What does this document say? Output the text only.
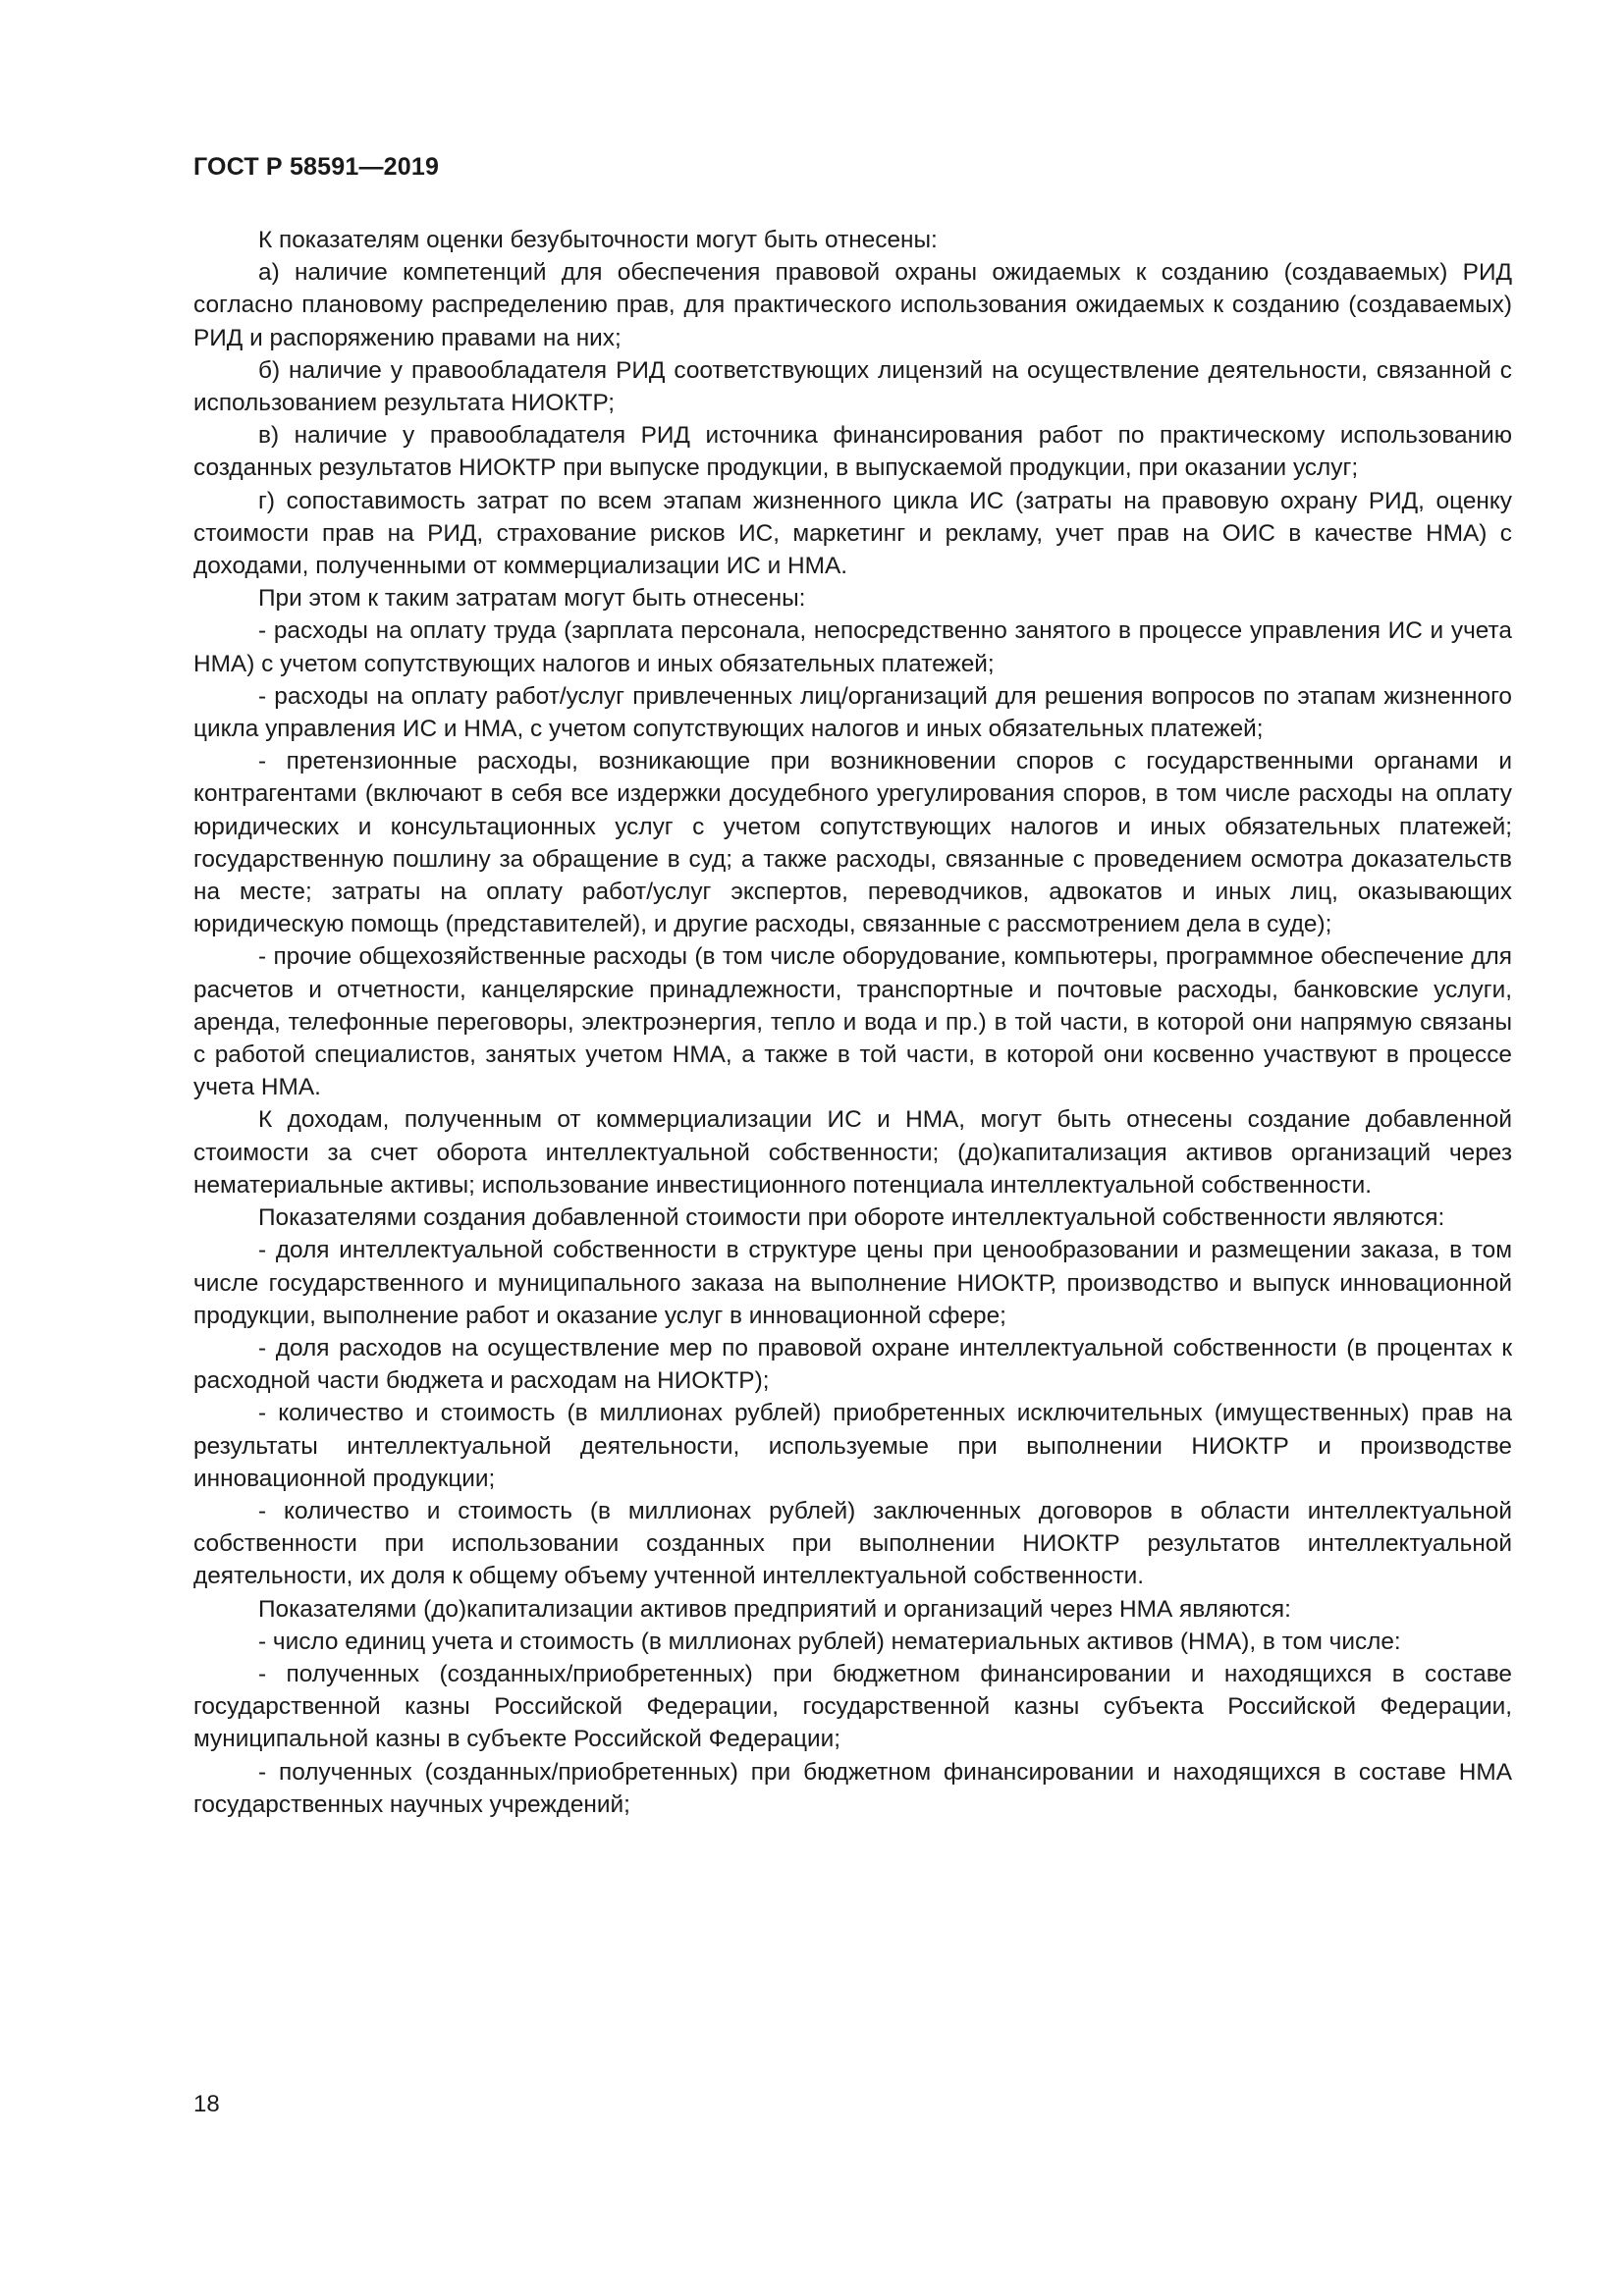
ГОСТ Р 58591—2019

К показателям оценки безубыточности могут быть отнесены:

а) наличие компетенций для обеспечения правовой охраны ожидаемых к созданию (создаваемых) РИД согласно плановому распределению прав, для практического использования ожидаемых к созданию (создаваемых) РИД и распоряжению правами на них;

б) наличие у правообладателя РИД соответствующих лицензий на осуществление деятельности, связанной с использованием результата НИОКТР;

в) наличие у правообладателя РИД источника финансирования работ по практическому использованию созданных результатов НИОКТР при выпуске продукции, в выпускаемой продукции, при оказании услуг;

г) сопоставимость затрат по всем этапам жизненного цикла ИС (затраты на правовую охрану РИД, оценку стоимости прав на РИД, страхование рисков ИС, маркетинг и рекламу, учет прав на ОИС в качестве НМА) с доходами, полученными от коммерциализации ИС и НМА.

При этом к таким затратам могут быть отнесены:

- расходы на оплату труда (зарплата персонала, непосредственно занятого в процессе управления ИС и учета НМА) с учетом сопутствующих налогов и иных обязательных платежей;

- расходы на оплату работ/услуг привлеченных лиц/организаций для решения вопросов по этапам жизненного цикла управления ИС и НМА, с учетом сопутствующих налогов и иных обязательных платежей;

- претензионные расходы, возникающие при возникновении споров с государственными органами и контрагентами (включают в себя все издержки досудебного урегулирования споров, в том числе расходы на оплату юридических и консультационных услуг с учетом сопутствующих налогов и иных обязательных платежей; государственную пошлину за обращение в суд; а также расходы, связанные с проведением осмотра доказательств на месте; затраты на оплату работ/услуг экспертов, переводчиков, адвокатов и иных лиц, оказывающих юридическую помощь (представителей), и другие расходы, связанные с рассмотрением дела в суде);

- прочие общехозяйственные расходы (в том числе оборудование, компьютеры, программное обеспечение для расчетов и отчетности, канцелярские принадлежности, транспортные и почтовые расходы, банковские услуги, аренда, телефонные переговоры, электроэнергия, тепло и вода и пр.) в той части, в которой они напрямую связаны с работой специалистов, занятых учетом НМА, а также в той части, в которой они косвенно участвуют в процессе учета НМА.

К доходам, полученным от коммерциализации ИС и НМА, могут быть отнесены создание добавленной стоимости за счет оборота интеллектуальной собственности; (до)капитализация активов организаций через нематериальные активы; использование инвестиционного потенциала интеллектуальной собственности.

Показателями создания добавленной стоимости при обороте интеллектуальной собственности являются:

- доля интеллектуальной собственности в структуре цены при ценообразовании и размещении заказа, в том числе государственного и муниципального заказа на выполнение НИОКТР, производство и выпуск инновационной продукции, выполнение работ и оказание услуг в инновационной сфере;

- доля расходов на осуществление мер по правовой охране интеллектуальной собственности (в процентах к расходной части бюджета и расходам на НИОКТР);

- количество и стоимость (в миллионах рублей) приобретенных исключительных (имущественных) прав на результаты интеллектуальной деятельности, используемые при выполнении НИОКТР и производстве инновационной продукции;

- количество и стоимость (в миллионах рублей) заключенных договоров в области интеллектуальной собственности при использовании созданных при выполнении НИОКТР результатов интеллектуальной деятельности, их доля к общему объему учтенной интеллектуальной собственности.

Показателями (до)капитализации активов предприятий и организаций через НМА являются:

- число единиц учета и стоимость (в миллионах рублей) нематериальных активов (НМА), в том числе:

- полученных (созданных/приобретенных) при бюджетном финансировании и находящихся в составе государственной казны Российской Федерации, государственной казны субъекта Российской Федерации, муниципальной казны в субъекте Российской Федерации;

- полученных (созданных/приобретенных) при бюджетном финансировании и находящихся в составе НМА государственных научных учреждений;

18
